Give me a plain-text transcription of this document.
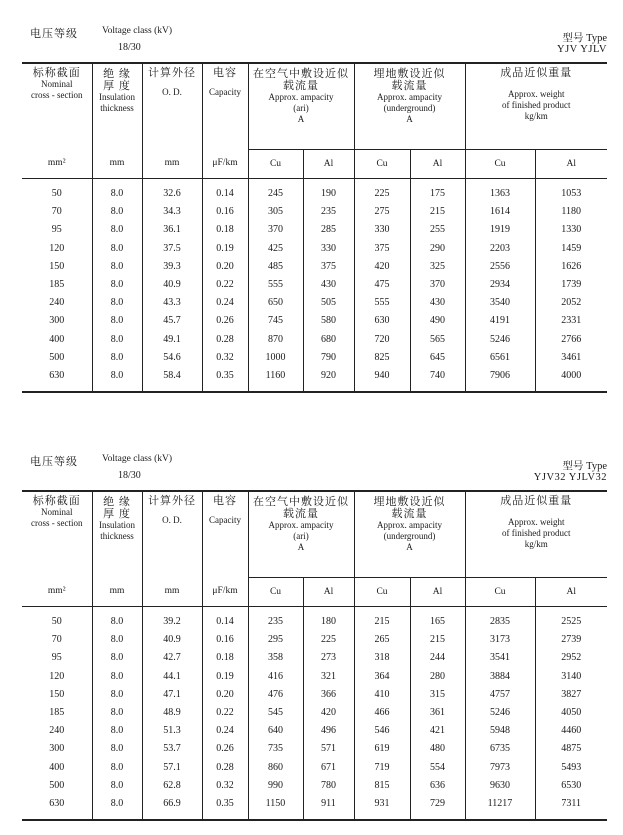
电压等级	Voltage class (kV)
18/30
型号 Type
YJV YJLV
标称截面
Nominal
cross - section	绝 缘
厚 度
Insulation
thickness	计算外径
O. D.	电容
Capacity	在空气中敷设近似
载流量
Approx. ampacity
(ari)
A		埋地敷设近似
载流量
Approx. ampacity
(underground)
A		成品近似重量
Approx. weight
of finished product
kg/km	

mm²	mm	mm	μF/km	Cu	Al	Cu	Al	Cu	Al
50	8.0	32.6	0.14	245	190	225	175	1363	1053
70	8.0	34.3	0.16	305	235	275	215	1614	1180
95	8.0	36.1	0.18	370	285	330	255	1919	1330
120	8.0	37.5	0.19	425	330	375	290	2203	1459
150	8.0	39.3	0.20	485	375	420	325	2556	1626
185	8.0	40.9	0.22	555	430	475	370	2934	1739
240	8.0	43.3	0.24	650	505	555	430	3540	2052
300	8.0	45.7	0.26	745	580	630	490	4191	2331
400	8.0	49.1	0.28	870	680	720	565	5246	2766
500	8.0	54.6	0.32	1000	790	825	645	6561	3461
630	8.0	58.4	0.35	1160	920	940	740	7906	4000
电压等级	Voltage class (kV)
18/30
型号 Type
YJV32 YJLV32
标称截面
Nominal
cross - section	绝 缘
厚 度
Insulation
thickness	计算外径
O. D.	电容
Capacity	在空气中敷设近似
载流量
Approx. ampacity
(ari)
A		埋地敷设近似
载流量
Approx. ampacity
(underground)
A		成品近似重量
Approx. weight
of finished product
kg/km	

mm²	mm	mm	μF/km	Cu	Al	Cu	Al	Cu	Al
50	8.0	39.2	0.14	235	180	215	165	2835	2525
70	8.0	40.9	0.16	295	225	265	215	3173	2739
95	8.0	42.7	0.18	358	273	318	244	3541	2952
120	8.0	44.1	0.19	416	321	364	280	3884	3140
150	8.0	47.1	0.20	476	366	410	315	4757	3827
185	8.0	48.9	0.22	545	420	466	361	5246	4050
240	8.0	51.3	0.24	640	496	546	421	5948	4460
300	8.0	53.7	0.26	735	571	619	480	6735	4875
400	8.0	57.1	0.28	860	671	719	554	7973	5493
500	8.0	62.8	0.32	990	780	815	636	9630	6530
630	8.0	66.9	0.35	1150	911	931	729	11217	7311
